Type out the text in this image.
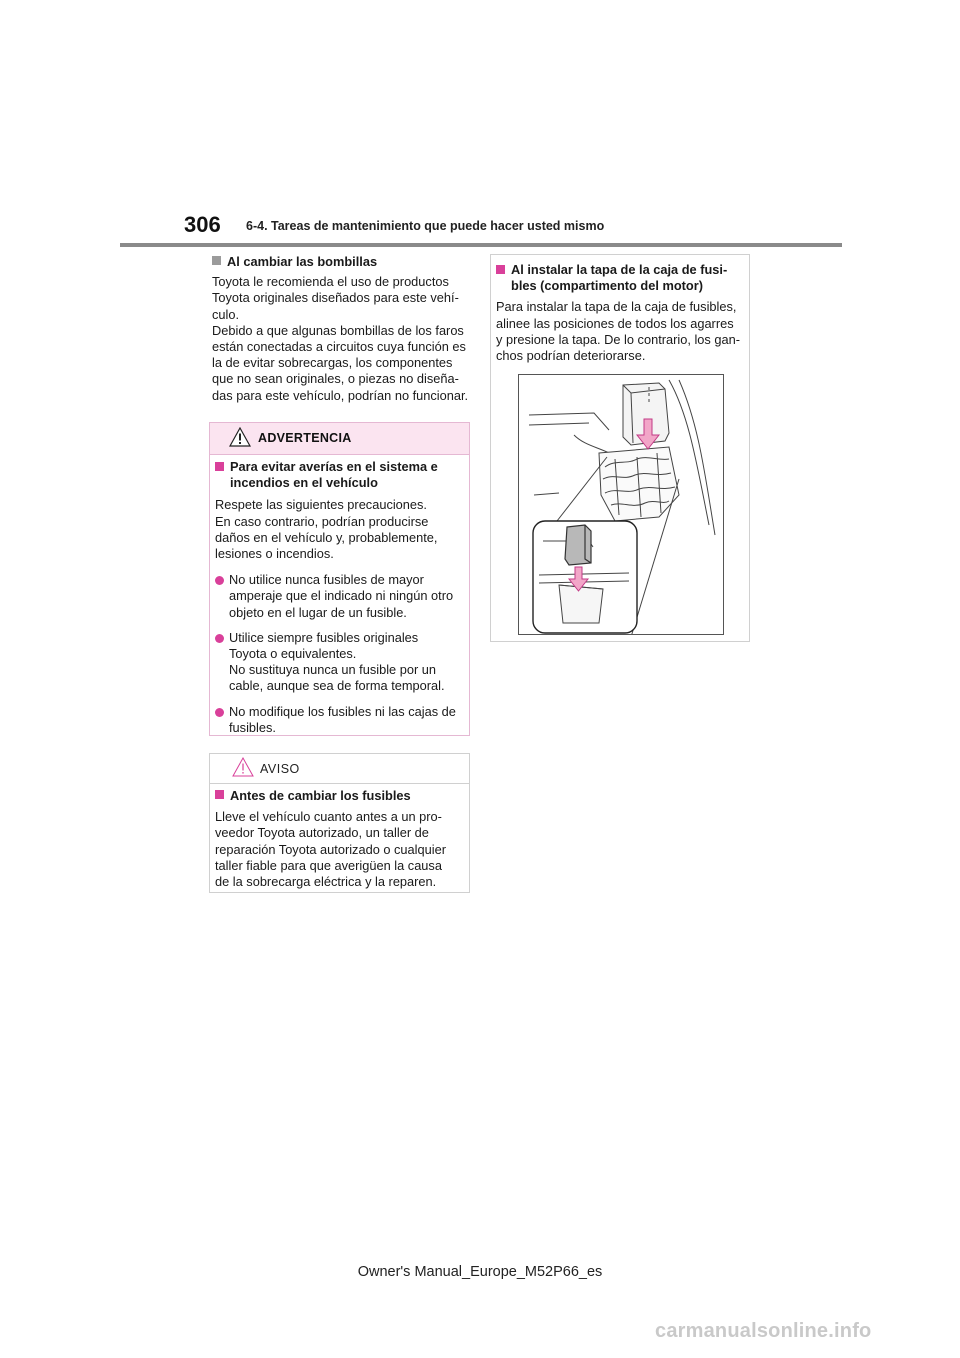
306 6-4. Tareas de mantenimiento que puede hacer usted mismo
Al cambiar las bombillas
Toyota le recomienda el uso de productos
Toyota originales diseñados para este vehí-
culo.
Debido a que algunas bombillas de los faros
están conectadas a circuitos cuya función es
la de evitar sobrecargas, los componentes
que no sean originales, o piezas no diseña-
das para este vehículo, podrían no funcionar.
ADVERTENCIA
Para evitar averías en el sistema e
incendios en el vehículo
Respete las siguientes precauciones.
En caso contrario, podrían producirse
daños en el vehículo y, probablemente,
lesiones o incendios.
No utilice nunca fusibles de mayor
amperaje que el indicado ni ningún otro
objeto en el lugar de un fusible.
Utilice siempre fusibles originales
Toyota o equivalentes.
No sustituya nunca un fusible por un
cable, aunque sea de forma temporal.
No modifique los fusibles ni las cajas de
fusibles.
AVISO
Antes de cambiar los fusibles
Lleve el vehículo cuanto antes a un pro-
veedor Toyota autorizado, un taller de
reparación Toyota autorizado o cualquier
taller fiable para que averigüen la causa
de la sobrecarga eléctrica y la reparen.
Al instalar la tapa de la caja de fusi-
bles (compartimento del motor)
Para instalar la tapa de la caja de fusibles,
alinee las posiciones de todos los agarres
y presione la tapa. De lo contrario, los gan-
chos podrían deteriorarse.
Owner's Manual_Europe_M52P66_es
carmanualsonline.info
